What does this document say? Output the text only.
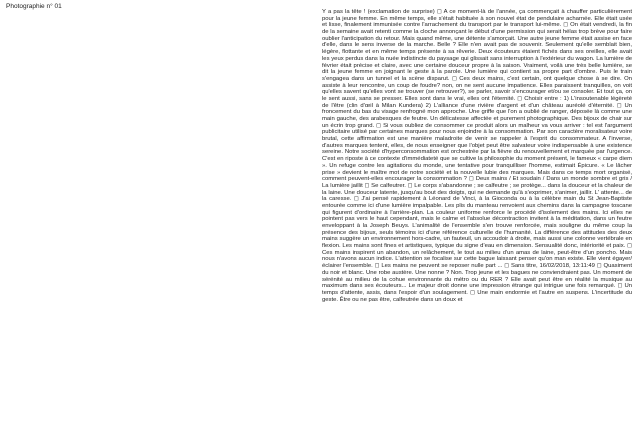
Photographie n° 01
Y a pas la tête ! (exclamation de surprise) ◻ A ce moment-là de l'année, ça commençait à chauffer particulièrement pour la jeune femme. En même temps, elle s'était habituée à son nouvel état de pendulaire acharnée. Elle était usée et lisse, finalement immunisée contre l'arrachement du transport par le transport lui-même. ◻ On était vendredi, la fin de la semaine avait retenti comme la cloche annonçant le début d'une permission qui serait hélas trop brève pour faire oublier l'anticipation du retour. Mais quand même, une détente s'amorçait. Une autre jeune femme était assise en face d'elle, dans le sens inverse de la marche. Belle ? Elle n'en avait pas de souvenir. Seulement qu'elle semblait bien, légère, flottante et en même temps présente à sa rêverie. Deux écouteurs étaient fichés dans ses oreilles, elle avait les yeux perdus dans la nuée indistincte du paysage qui glissait sans interruption à l'extérieur du wagon. La lumière de février était précise et claire, avec une certaine douceur propre à la saison. Vraiment, voilà une très belle lumière, se dit la jeune femme en joignant le geste à la parole. Une lumière qui contient sa propre part d'ombre. Puis le train s'engagea dans un tunnel et la scène disparut. ◻ Ces deux mains, c'est certain, ont quelque chose à se dire. On assiste à leur rencontre, un coup de foudre? non, on ne sent aucune impatience. Elles paraissent tranquilles, on voit qu'elles savent qu'elles vont se trouver (se retrouver?), se parler, savoir s'encourager et/ou se consoler. Et tout ça, on le sent aussi, sans se presser. Elles sont dans le vrai, elles ont l'éternité. ◻ Choisir entre : 1) L'insoutenable légèreté de l'être (clin d'œil à Milan Kundera) 2) L'alliance d'une rivière d'argent et d'un château auréolé d'éternité. ◻ Un froncement du bas du visage renfrogné mon approche. Une griffe que l'on a oublié de ranger, déposée là comme une main gauche, des arabesques de feutre. Un délicatesse affectée et purement photographique. Des bijoux de chair sur un écrin trop grand. ◻ Si vous oubliez de consommer ce produit alors un malheur va vous arriver : tel est l'argument publicitaire utilisé par certaines marques pour nous enjoindre à la consommation. Par son caractère moralisateur voire brutal, cette affirmation est une manière maladroite de venir se rappeler à l'esprit du consommateur. A l'inverse, d'autres marques tentent, elles, de nous enseigner que l'objet peut être salvateur voire indispensable à une existence sereine. Notre société d'hyperconsommation est orchestrée par la fièvre du renouvellement et marquée par l'urgence. C'est en riposte à ce contexte d'immédiateté que se cultive la philosophie du moment présent, le fameux « carpe diem ». Un refuge contre les agitations du monde, une tentative pour tranquilliser l'homme, estimait Épicure. « Le lâcher prise » devient le maître mot de notre société et la nouvelle lubie des marques. Mais dans ce temps mort organisé, comment peuvent-elles encourager la consommation ? ◻ Deux mains / Et soudain / Dans un monde sombre et gris / La lumière jaillit ◻ Se calfeutrer. ◻ Le corps s'abandonne ; se calfeutre ; se protège... dans la douceur et la chaleur de la laine. Une douceur latente, jusqu'au bout des doigts, qui ne demande qu'à s'exprimer, s'animer, jaillir. L' attente... de la caresse. ◻ J'ai pensé rapidement à Léonard de Vinci, à la Gioconda ou à la célèbre main du St Jean-Baptiste entourée comme ici d'une lumière impalpable. Les plis du manteau renvoient aux chemins dans la campagne toscane qui figurent d'ordinaire à l'arrière-plan. La couleur uniforme renforce le procédé d'isolement des mains. Ici elles ne pointent pas vers le haut cependant, mais le calme et l'absolue décontraction invitent à la méditation, dans un feutre enveloppant à la Joseph Beuys. L'animalité de l'ensemble s'en trouve renforcée, mais souligne du même coup la présence des bijoux, seuls témoins ici d'une référence culturelle de l'humanité. La différence des attitudes des deux mains suggère un environnement hors-cadre, un fauteuil, un accoudoir à droite, mais aussi une colonne vertébrale en flexion. Les mains sont fines et artistiques, typique du signe d'eau en dimension. Sensualité donc, intériorité et paix. ◻ Ces mains inspirent un abandon, un relâchement, le tout au milieu d'un amas de laine, peut-être d'un poncho. Mais nous n'avons aucun indice. L'attention se focalise sur cette bague laissant penser qu'on man existe. Elle vient égayer/éclairer l'ensemble. ◻ Les mains ne peuvent se reposer nulle part ... ◻ Sans titre, 16/02/2018, 13:11:49 ◻ Quasiment du noir et blanc. Une robe austère. Une nonne ? Non. Trop jeune et les bagues ne conviendraient pas. Un moment de sérénité au milieu de la cohue environnante du métro ou du RER ? Elle avait peut être en réalité la musique au maximum dans ses écouteurs... Le majeur droit donne une impression étrange qui intrigue une fois remarqué. ◻ Un temps d'attente, assis, dans l'espoir d'un soulagement. ◻ Une main endormie et l'autre en suspens. L'incertitude du geste. Être ou ne pas être, calfeutrée dans un doux et
